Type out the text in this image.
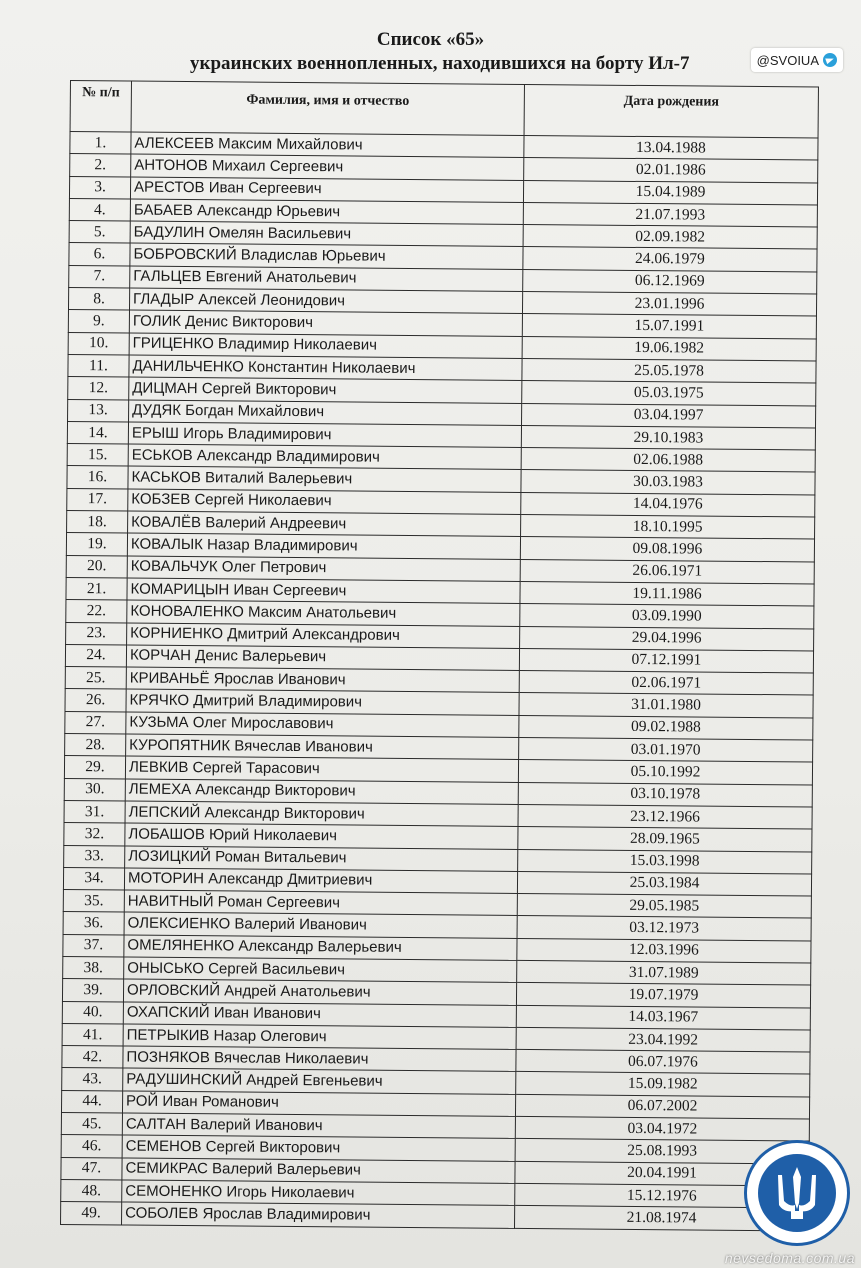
Список «65»
украинских военнопленных, находившихся на борту Ил-7	@SVOIUA
№ п/п	Фамилия, имя и отчество	Дата рождения
1.	АЛЕКСЕЕВ Максим Михайлович	13.04.1988
2.	АНТОНОВ Михаил Сергеевич	02.01.1986
3.	АРЕСТОВ Иван Сергеевич	15.04.1989
4.	БАБАЕВ Александр Юрьевич	21.07.1993
5.	БАДУЛИН Омелян Васильевич	02.09.1982
6.	БОБРОВСКИЙ Владислав Юрьевич	24.06.1979
7.	ГАЛЬЦЕВ Евгений Анатольевич	06.12.1969
8.	ГЛАДЫР Алексей Леонидович	23.01.1996
9.	ГОЛИК Денис Викторович	15.07.1991
10.	ГРИЦЕНКО Владимир Николаевич	19.06.1982
11.	ДАНИЛЬЧЕНКО Константин Николаевич	25.05.1978
12.	ДИЦМАН Сергей Викторович	05.03.1975
13.	ДУДЯК Богдан Михайлович	03.04.1997
14.	ЕРЫШ Игорь Владимирович	29.10.1983
15.	ЕСЬКОВ Александр Владимирович	02.06.1988
16.	КАСЬКОВ Виталий Валерьевич	30.03.1983
17.	КОБЗЕВ Сергей Николаевич	14.04.1976
18.	КОВАЛЁВ Валерий Андреевич	18.10.1995
19.	КОВАЛЫК Назар Владимирович	09.08.1996
20.	КОВАЛЬЧУК Олег Петрович	26.06.1971
21.	КОМАРИЦЫН Иван Сергеевич	19.11.1986
22.	КОНОВАЛЕНКО Максим Анатольевич	03.09.1990
23.	КОРНИЕНКО Дмитрий Александрович	29.04.1996
24.	КОРЧАН Денис Валерьевич	07.12.1991
25.	КРИВАНЬЁ Ярослав Иванович	02.06.1971
26.	КРЯЧКО Дмитрий Владимирович	31.01.1980
27.	КУЗЬМА Олег Мирославович	09.02.1988
28.	КУРОПЯТНИК Вячеслав Иванович	03.01.1970
29.	ЛЕВКИВ Сергей Тарасович	05.10.1992
30.	ЛЕМЕХА Александр Викторович	03.10.1978
31.	ЛЕПСКИЙ Александр Викторович	23.12.1966
32.	ЛОБАШОВ Юрий Николаевич	28.09.1965
33.	ЛОЗИЦКИЙ Роман Витальевич	15.03.1998
34.	МОТОРИН Александр Дмитриевич	25.03.1984
35.	НАВИТНЫЙ Роман Сергеевич	29.05.1985
36.	ОЛЕКСИЕНКО Валерий Иванович	03.12.1973
37.	ОМЕЛЯНЕНКО Александр Валерьевич	12.03.1996
38.	ОНЫСЬКО Сергей Васильевич	31.07.1989
39.	ОРЛОВСКИЙ Андрей Анатольевич	19.07.1979
40.	ОХАПСКИЙ Иван Иванович	14.03.1967
41.	ПЕТРЫКИВ Назар Олегович	23.04.1992
42.	ПОЗНЯКОВ Вячеслав Николаевич	06.07.1976
43.	РАДУШИНСКИЙ Андрей Евгеньевич	15.09.1982
44.	РОЙ Иван Романович	06.07.2002
45.	САЛТАН Валерий Иванович	03.04.1972
46.	СЕМЕНОВ Сергей Викторович	25.08.1993
47.	СЕМИКРАС Валерий Валерьевич	20.04.1991
48.	СЕМОНЕНКО Игорь Николаевич	15.12.1976
49.	СОБОЛЕВ Ярослав Владимирович	21.08.1974
nevsedoma.com.ua
